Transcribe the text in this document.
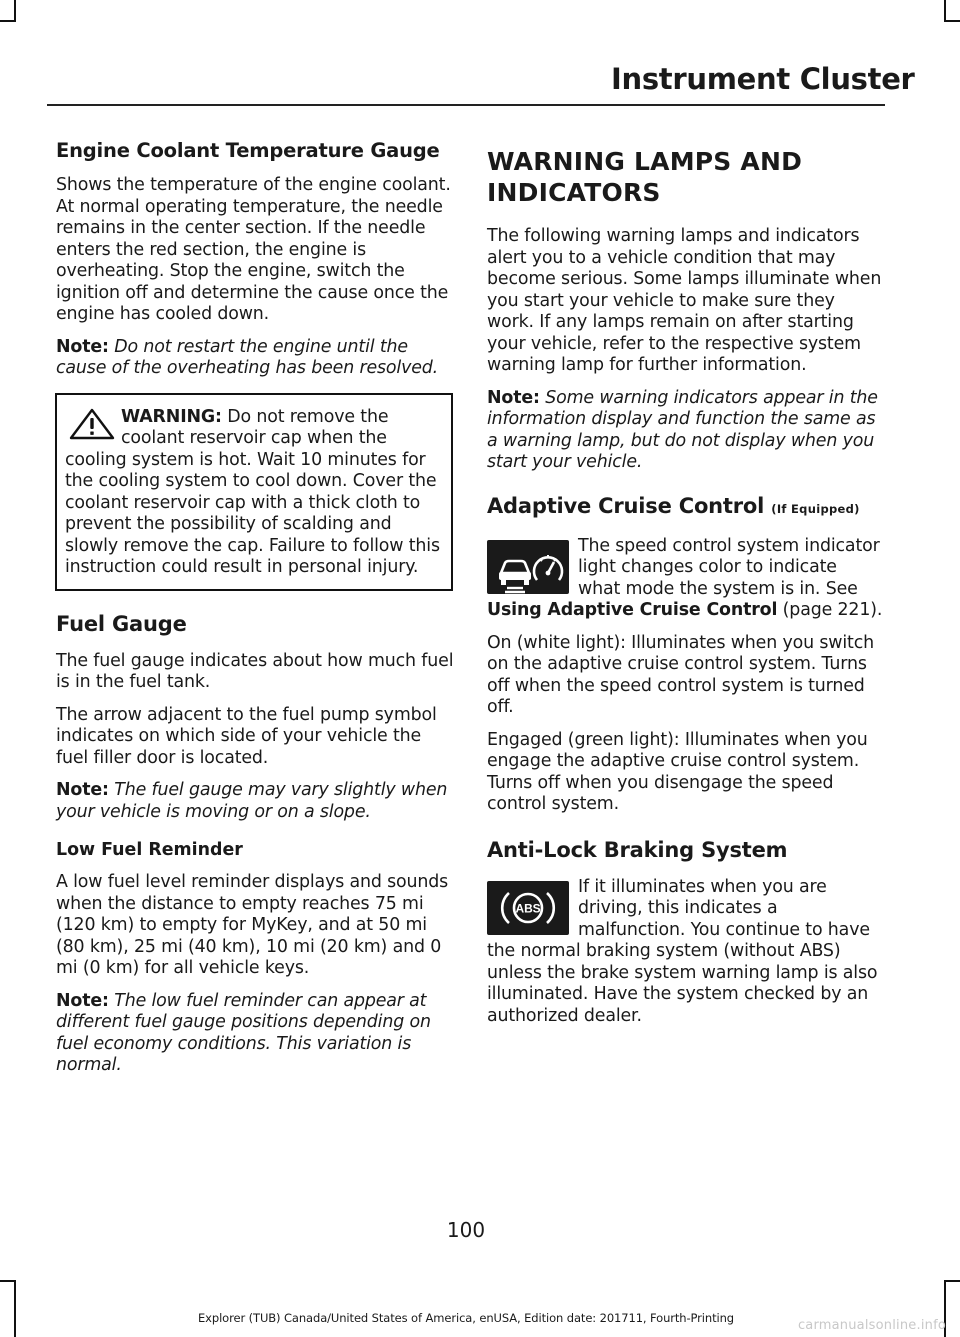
Instrument Cluster
Engine Coolant Temperature Gauge

Shows the temperature of the engine coolant. At normal operating temperature, the needle remains in the center section. If the needle enters the red section, the engine is overheating. Stop the engine, switch the ignition off and determine the cause once the engine has cooled down.

Note: Do not restart the engine until the cause of the overheating has been resolved.

WARNING: Do not remove the coolant reservoir cap when the cooling system is hot. Wait 10 minutes for the cooling system to cool down. Cover the coolant reservoir cap with a thick cloth to prevent the possibility of scalding and slowly remove the cap. Failure to follow this instruction could result in personal injury.
Fuel Gauge

The fuel gauge indicates about how much fuel is in the fuel tank.

The arrow adjacent to the fuel pump symbol indicates on which side of your vehicle the fuel filler door is located.

Note: The fuel gauge may vary slightly when your vehicle is moving or on a slope.

Low Fuel Reminder

A low fuel level reminder displays and sounds when the distance to empty reaches 75 mi (120 km) to empty for MyKey, and at 50 mi (80 km), 25 mi (40 km), 10 mi (20 km) and 0 mi (0 km) for all vehicle keys.

Note: The low fuel reminder can appear at different fuel gauge positions depending on fuel economy conditions. This variation is normal.

WARNING LAMPS AND
INDICATORS

The following warning lamps and indicators alert you to a vehicle condition that may become serious. Some lamps illuminate when you start your vehicle to make sure they work. If any lamps remain on after starting your vehicle, refer to the respective system warning lamp for further information.

Note: Some warning indicators appear in the information display and function the same as a warning lamp, but do not display when you start your vehicle.

Adaptive Cruise Control (If Equipped)
The speed control system indicator light changes color to indicate what mode the system is in. See Using Adaptive Cruise Control (page 221).

On (white light): Illuminates when you switch on the adaptive cruise control system. Turns off when the speed control system is turned off.

Engaged (green light): Illuminates when you engage the adaptive cruise control system. Turns off when you disengage the speed control system.

Anti-Lock Braking System
ABS
If it illuminates when you are driving, this indicates a malfunction. You continue to have the normal braking system (without ABS) unless the brake system warning lamp is also illuminated. Have the system checked by an authorized dealer.
100
Explorer (TUB) Canada/United States of America, enUSA, Edition date: 201711, Fourth-Printing	carmanualsonline.info
